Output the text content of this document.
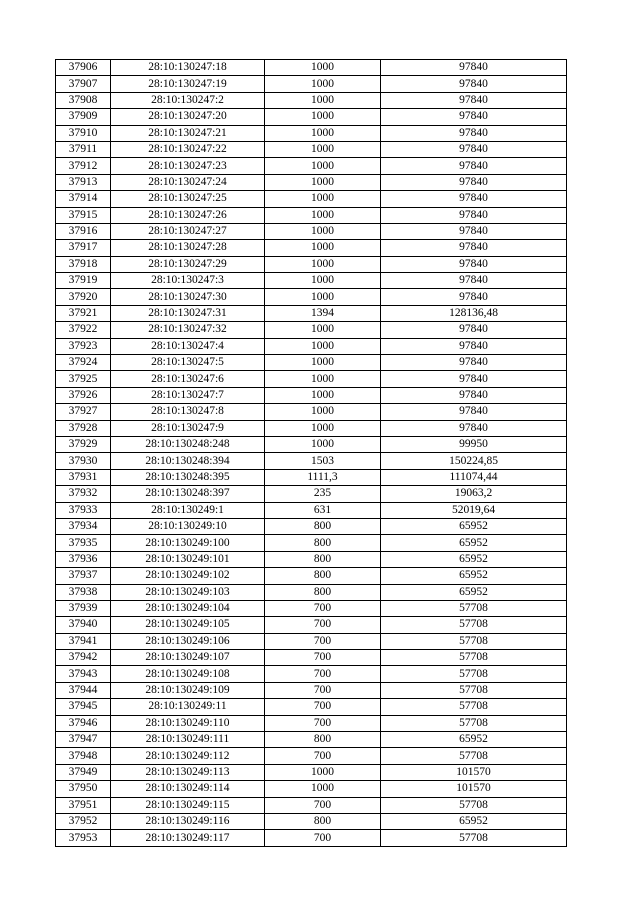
37906	28:10:130247:18	1000	97840
37907	28:10:130247:19	1000	97840
37908	28:10:130247:2	1000	97840
37909	28:10:130247:20	1000	97840
37910	28:10:130247:21	1000	97840
37911	28:10:130247:22	1000	97840
37912	28:10:130247:23	1000	97840
37913	28:10:130247:24	1000	97840
37914	28:10:130247:25	1000	97840
37915	28:10:130247:26	1000	97840
37916	28:10:130247:27	1000	97840
37917	28:10:130247:28	1000	97840
37918	28:10:130247:29	1000	97840
37919	28:10:130247:3	1000	97840
37920	28:10:130247:30	1000	97840
37921	28:10:130247:31	1394	128136,48
37922	28:10:130247:32	1000	97840
37923	28:10:130247:4	1000	97840
37924	28:10:130247:5	1000	97840
37925	28:10:130247:6	1000	97840
37926	28:10:130247:7	1000	97840
37927	28:10:130247:8	1000	97840
37928	28:10:130247:9	1000	97840
37929	28:10:130248:248	1000	99950
37930	28:10:130248:394	1503	150224,85
37931	28:10:130248:395	1111,3	111074,44
37932	28:10:130248:397	235	19063,2
37933	28:10:130249:1	631	52019,64
37934	28:10:130249:10	800	65952
37935	28:10:130249:100	800	65952
37936	28:10:130249:101	800	65952
37937	28:10:130249:102	800	65952
37938	28:10:130249:103	800	65952
37939	28:10:130249:104	700	57708
37940	28:10:130249:105	700	57708
37941	28:10:130249:106	700	57708
37942	28:10:130249:107	700	57708
37943	28:10:130249:108	700	57708
37944	28:10:130249:109	700	57708
37945	28:10:130249:11	700	57708
37946	28:10:130249:110	700	57708
37947	28:10:130249:111	800	65952
37948	28:10:130249:112	700	57708
37949	28:10:130249:113	1000	101570
37950	28:10:130249:114	1000	101570
37951	28:10:130249:115	700	57708
37952	28:10:130249:116	800	65952
37953	28:10:130249:117	700	57708
